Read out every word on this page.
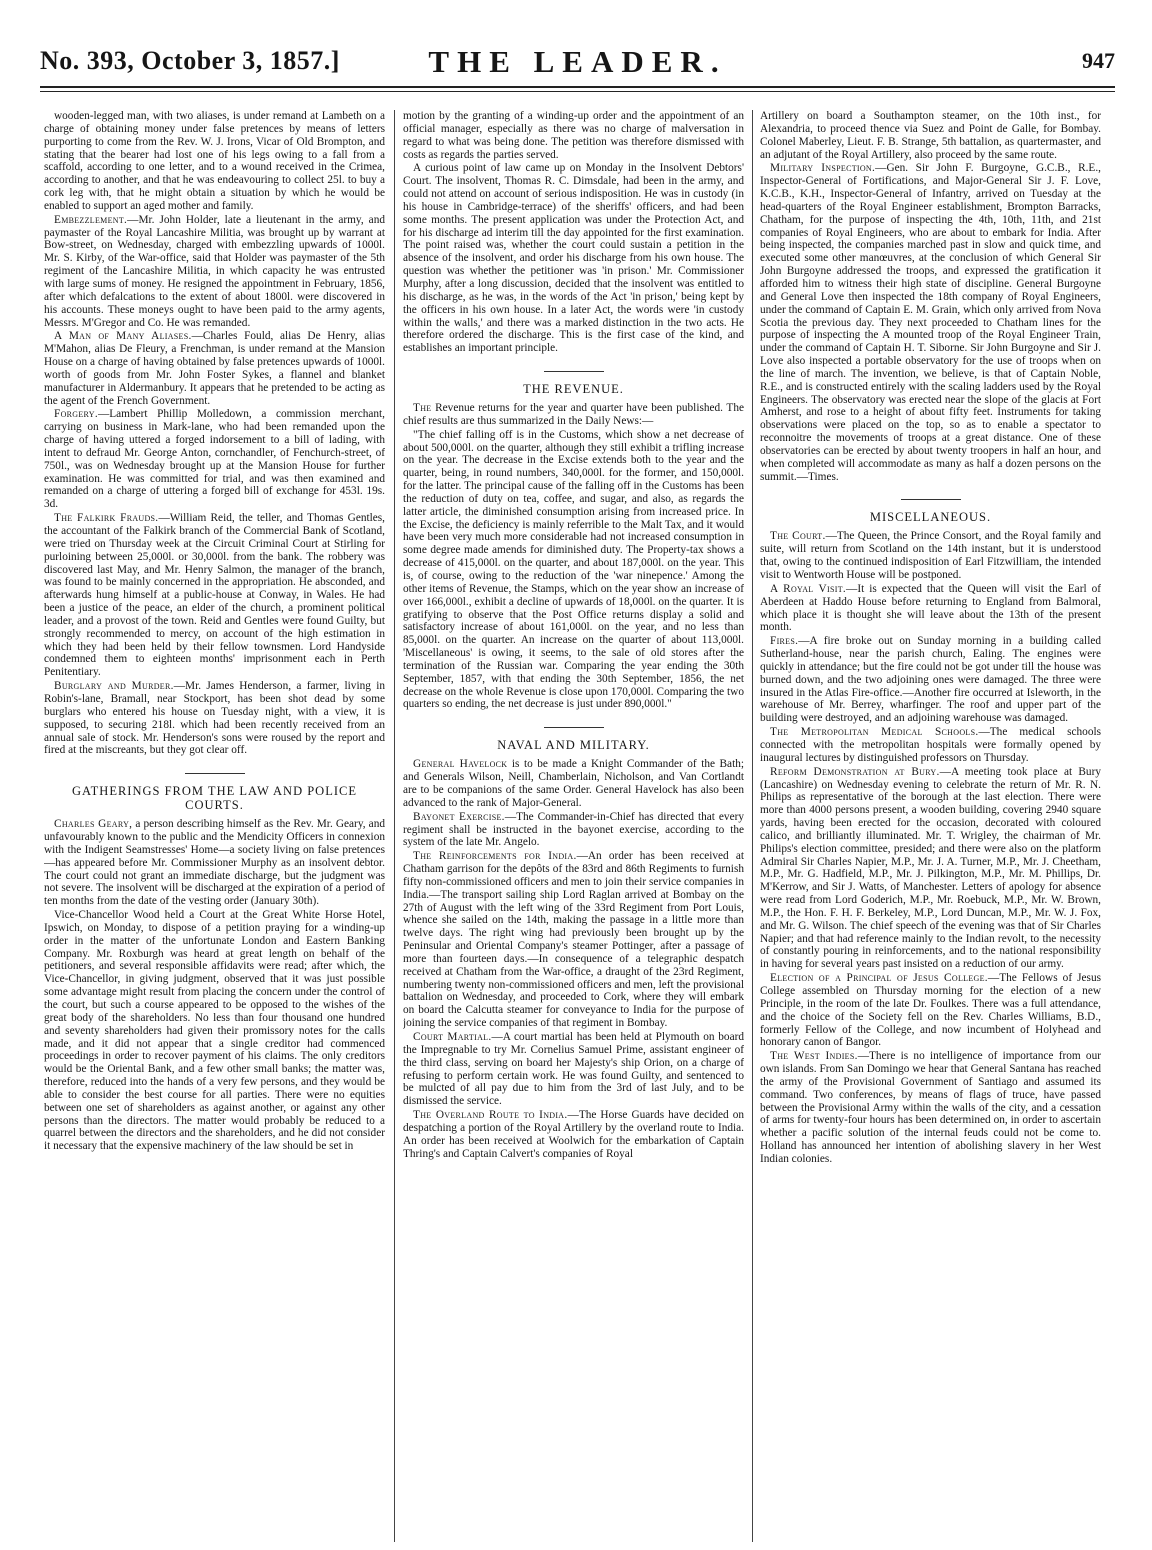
No. 393, October 3, 1857.]	THE LEADER.	947

wooden-legged man, with two aliases, is under remand at Lambeth on a charge of obtaining money under false pretences by means of letters purporting to come from the Rev. W. J. Irons, Vicar of Old Brompton, and stating that the bearer had lost one of his legs owing to a fall from a scaffold, according to one letter, and to a wound received in the Crimea, according to another, and that he was endeavouring to collect 25l. to buy a cork leg with, that he might obtain a situation by which he would be enabled to support an aged mother and family.

Embezzlement.—Mr. John Holder, late a lieutenant in the army, and paymaster of the Royal Lancashire Militia, was brought up by warrant at Bow-street, on Wednesday, charged with embezzling upwards of 1000l. Mr. S. Kirby, of the War-office, said that Holder was paymaster of the 5th regiment of the Lancashire Militia, in which capacity he was entrusted with large sums of money. He resigned the appointment in February, 1856, after which defalcations to the extent of about 1800l. were discovered in his accounts. These moneys ought to have been paid to the army agents, Messrs. M'Gregor and Co. He was remanded.

A Man of Many Aliases.—Charles Fould, alias De Henry, alias M'Mahon, alias De Fleury, a Frenchman, is under remand at the Mansion House on a charge of having obtained by false pretences upwards of 1000l. worth of goods from Mr. John Foster Sykes, a flannel and blanket manufacturer in Aldermanbury. It appears that he pretended to be acting as the agent of the French Government.

Forgery.—Lambert Phillip Molledown, a commission merchant, carrying on business in Mark-lane, who had been remanded upon the charge of having uttered a forged indorsement to a bill of lading, with intent to defraud Mr. George Anton, cornchandler, of Fenchurch-street, of 750l., was on Wednesday brought up at the Mansion House for further examination. He was committed for trial, and was then examined and remanded on a charge of uttering a forged bill of exchange for 453l. 19s. 3d.

The Falkirk Frauds.—William Reid, the teller, and Thomas Gentles, the accountant of the Falkirk branch of the Commercial Bank of Scotland, were tried on Thursday week at the Circuit Criminal Court at Stirling for purloining between 25,000l. or 30,000l. from the bank. The robbery was discovered last May, and Mr. Henry Salmon, the manager of the branch, was found to be mainly concerned in the appropriation. He absconded, and afterwards hung himself at a public-house at Conway, in Wales. He had been a justice of the peace, an elder of the church, a prominent political leader, and a provost of the town. Reid and Gentles were found Guilty, but strongly recommended to mercy, on account of the high estimation in which they had been held by their fellow townsmen. Lord Handyside condemned them to eighteen months' imprisonment each in Perth Penitentiary.

Burglary and Murder.—Mr. James Henderson, a farmer, living in Robin's-lane, Bramall, near Stockport, has been shot dead by some burglars who entered his house on Tuesday night, with a view, it is supposed, to securing 218l. which had been recently received from an annual sale of stock. Mr. Henderson's sons were roused by the report and fired at the miscreants, but they got clear off.

GATHERINGS FROM THE LAW AND POLICE COURTS.

Charles Geary, a person describing himself as the Rev. Mr. Geary, and unfavourably known to the public and the Mendicity Officers in connexion with the Indigent Seamstresses' Home—a society living on false pretences—has appeared before Mr. Commissioner Murphy as an insolvent debtor. The court could not grant an immediate discharge, but the judgment was not severe. The insolvent will be discharged at the expiration of a period of ten months from the date of the vesting order (January 30th).

Vice-Chancellor Wood held a Court at the Great White Horse Hotel, Ipswich, on Monday, to dispose of a petition praying for a winding-up order in the matter of the unfortunate London and Eastern Banking Company. Mr. Roxburgh was heard at great length on behalf of the petitioners, and several responsible affidavits were read; after which, the Vice-Chancellor, in giving judgment, observed that it was just possible some advantage might result from placing the concern under the control of the court, but such a course appeared to be opposed to the wishes of the great body of the shareholders. No less than four thousand one hundred and seventy shareholders had given their promissory notes for the calls made, and it did not appear that a single creditor had commenced proceedings in order to recover payment of his claims. The only creditors would be the Oriental Bank, and a few other small banks; the matter was, therefore, reduced into the hands of a very few persons, and they would be able to consider the best course for all parties. There were no equities between one set of shareholders as against another, or against any other persons than the directors. The matter would probably be reduced to a quarrel between the directors and the shareholders, and he did not consider it necessary that the expensive machinery of the law should be set in

motion by the granting of a winding-up order and the appointment of an official manager, especially as there was no charge of malversation in regard to what was being done. The petition was therefore dismissed with costs as regards the parties served.

A curious point of law came up on Monday in the Insolvent Debtors' Court. The insolvent, Thomas R. C. Dimsdale, had been in the army, and could not attend on account of serious indisposition. He was in custody (in his house in Cambridge-terrace) of the sheriffs' officers, and had been some months. The present application was under the Protection Act, and for his discharge ad interim till the day appointed for the first examination. The point raised was, whether the court could sustain a petition in the absence of the insolvent, and order his discharge from his own house. The question was whether the petitioner was 'in prison.' Mr. Commissioner Murphy, after a long discussion, decided that the insolvent was entitled to his discharge, as he was, in the words of the Act 'in prison,' being kept by the officers in his own house. In a later Act, the words were 'in custody within the walls,' and there was a marked distinction in the two acts. He therefore ordered the discharge. This is the first case of the kind, and establishes an important principle.

THE REVENUE.

The Revenue returns for the year and quarter have been published. The chief results are thus summarized in the Daily News:—

"The chief falling off is in the Customs, which show a net decrease of about 500,000l. on the quarter, although they still exhibit a trifling increase on the year. The decrease in the Excise extends both to the year and the quarter, being, in round numbers, 340,000l. for the former, and 150,000l. for the latter. The principal cause of the falling off in the Customs has been the reduction of duty on tea, coffee, and sugar, and also, as regards the latter article, the diminished consumption arising from increased price. In the Excise, the deficiency is mainly referrible to the Malt Tax, and it would have been very much more considerable had not increased consumption in some degree made amends for diminished duty. The Property-tax shows a decrease of 415,000l. on the quarter, and about 187,000l. on the year. This is, of course, owing to the reduction of the 'war ninepence.' Among the other items of Revenue, the Stamps, which on the year show an increase of over 166,000l., exhibit a decline of upwards of 18,000l. on the quarter. It is gratifying to observe that the Post Office returns display a solid and satisfactory increase of about 161,000l. on the year, and no less than 85,000l. on the quarter. An increase on the quarter of about 113,000l. 'Miscellaneous' is owing, it seems, to the sale of old stores after the termination of the Russian war. Comparing the year ending the 30th September, 1857, with that ending the 30th September, 1856, the net decrease on the whole Revenue is close upon 170,000l. Comparing the two quarters so ending, the net decrease is just under 890,000l."

NAVAL AND MILITARY.

General Havelock is to be made a Knight Commander of the Bath; and Generals Wilson, Neill, Chamberlain, Nicholson, and Van Cortlandt are to be companions of the same Order. General Havelock has also been advanced to the rank of Major-General.

Bayonet Exercise.—The Commander-in-Chief has directed that every regiment shall be instructed in the bayonet exercise, according to the system of the late Mr. Angelo.

The Reinforcements for India.—An order has been received at Chatham garrison for the depôts of the 83rd and 86th Regiments to furnish fifty non-commissioned officers and men to join their service companies in India.—The transport sailing ship Lord Raglan arrived at Bombay on the 27th of August with the left wing of the 33rd Regiment from Port Louis, whence she sailed on the 14th, making the passage in a little more than twelve days. The right wing had previously been brought up by the Peninsular and Oriental Company's steamer Pottinger, after a passage of more than fourteen days.—In consequence of a telegraphic despatch received at Chatham from the War-office, a draught of the 23rd Regiment, numbering twenty non-commissioned officers and men, left the provisional battalion on Wednesday, and proceeded to Cork, where they will embark on board the Calcutta steamer for conveyance to India for the purpose of joining the service companies of that regiment in Bombay.

Court Martial.—A court martial has been held at Plymouth on board the Impregnable to try Mr. Cornelius Samuel Prime, assistant engineer of the third class, serving on board her Majesty's ship Orion, on a charge of refusing to perform certain work. He was found Guilty, and sentenced to be mulcted of all pay due to him from the 3rd of last July, and to be dismissed the service.

The Overland Route to India.—The Horse Guards have decided on despatching a portion of the Royal Artillery by the overland route to India. An order has been received at Woolwich for the embarkation of Captain Thring's and Captain Calvert's companies of Royal

Artillery on board a Southampton steamer, on the 10th inst., for Alexandria, to proceed thence via Suez and Point de Galle, for Bombay. Colonel Maberley, Lieut. F. B. Strange, 5th battalion, as quartermaster, and an adjutant of the Royal Artillery, also proceed by the same route.

Military Inspection.—Gen. Sir John F. Burgoyne, G.C.B., R.E., Inspector-General of Fortifications, and Major-General Sir J. F. Love, K.C.B., K.H., Inspector-General of Infantry, arrived on Tuesday at the head-quarters of the Royal Engineer establishment, Brompton Barracks, Chatham, for the purpose of inspecting the 4th, 10th, 11th, and 21st companies of Royal Engineers, who are about to embark for India. After being inspected, the companies marched past in slow and quick time, and executed some other manœuvres, at the conclusion of which General Sir John Burgoyne addressed the troops, and expressed the gratification it afforded him to witness their high state of discipline. General Burgoyne and General Love then inspected the 18th company of Royal Engineers, under the command of Captain E. M. Grain, which only arrived from Nova Scotia the previous day. They next proceeded to Chatham lines for the purpose of inspecting the A mounted troop of the Royal Engineer Train, under the command of Captain H. T. Siborne. Sir John Burgoyne and Sir J. Love also inspected a portable observatory for the use of troops when on the line of march. The invention, we believe, is that of Captain Noble, R.E., and is constructed entirely with the scaling ladders used by the Royal Engineers. The observatory was erected near the slope of the glacis at Fort Amherst, and rose to a height of about fifty feet. Instruments for taking observations were placed on the top, so as to enable a spectator to reconnoitre the movements of troops at a great distance. One of these observatories can be erected by about twenty troopers in half an hour, and when completed will accommodate as many as half a dozen persons on the summit.—Times.

MISCELLANEOUS.

The Court.—The Queen, the Prince Consort, and the Royal family and suite, will return from Scotland on the 14th instant, but it is understood that, owing to the continued indisposition of Earl Fitzwilliam, the intended visit to Wentworth House will be postponed.

A Royal Visit.—It is expected that the Queen will visit the Earl of Aberdeen at Haddo House before returning to England from Balmoral, which place it is thought she will leave about the 13th of the present month.

Fires.—A fire broke out on Sunday morning in a building called Sutherland-house, near the parish church, Ealing. The engines were quickly in attendance; but the fire could not be got under till the house was burned down, and the two adjoining ones were damaged. The three were insured in the Atlas Fire-office.—Another fire occurred at Isleworth, in the warehouse of Mr. Berrey, wharfinger. The roof and upper part of the building were destroyed, and an adjoining warehouse was damaged.

The Metropolitan Medical Schools.—The medical schools connected with the metropolitan hospitals were formally opened by inaugural lectures by distinguished professors on Thursday.

Reform Demonstration at Bury.—A meeting took place at Bury (Lancashire) on Wednesday evening to celebrate the return of Mr. R. N. Philips as representative of the borough at the last election. There were more than 4000 persons present, a wooden building, covering 2940 square yards, having been erected for the occasion, decorated with coloured calico, and brilliantly illuminated. Mr. T. Wrigley, the chairman of Mr. Philips's election committee, presided; and there were also on the platform Admiral Sir Charles Napier, M.P., Mr. J. A. Turner, M.P., Mr. J. Cheetham, M.P., Mr. G. Hadfield, M.P., Mr. J. Pilkington, M.P., Mr. M. Phillips, Dr. M'Kerrow, and Sir J. Watts, of Manchester. Letters of apology for absence were read from Lord Goderich, M.P., Mr. Roebuck, M.P., Mr. W. Brown, M.P., the Hon. F. H. F. Berkeley, M.P., Lord Duncan, M.P., Mr. W. J. Fox, and Mr. G. Wilson. The chief speech of the evening was that of Sir Charles Napier; and that had reference mainly to the Indian revolt, to the necessity of constantly pouring in reinforcements, and to the national responsibility in having for several years past insisted on a reduction of our army.

Election of a Principal of Jesus College.—The Fellows of Jesus College assembled on Thursday morning for the election of a new Principle, in the room of the late Dr. Foulkes. There was a full attendance, and the choice of the Society fell on the Rev. Charles Williams, B.D., formerly Fellow of the College, and now incumbent of Holyhead and honorary canon of Bangor.

The West Indies.—There is no intelligence of importance from our own islands. From San Domingo we hear that General Santana has reached the army of the Provisional Government of Santiago and assumed its command. Two conferences, by means of flags of truce, have passed between the Provisional Army within the walls of the city, and a cessation of arms for twenty-four hours has been determined on, in order to ascertain whether a pacific solution of the internal feuds could not be come to. Holland has announced her intention of abolishing slavery in her West Indian colonies.
